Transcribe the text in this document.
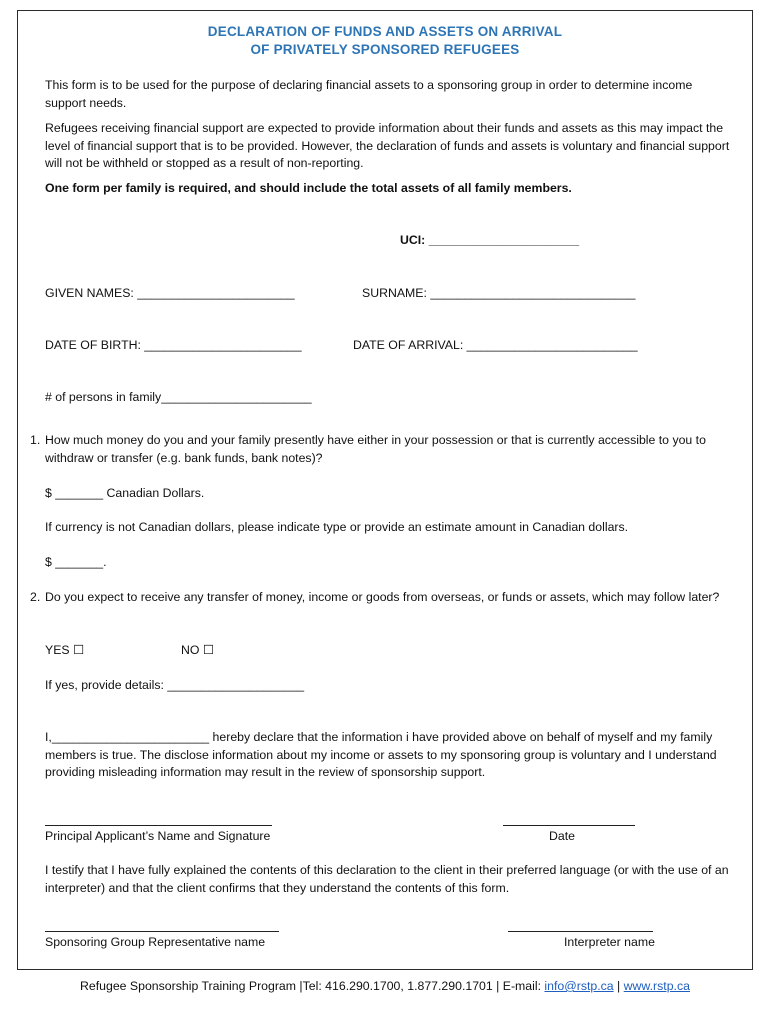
DECLARATION OF FUNDS AND ASSETS ON ARRIVAL
OF PRIVATELY SPONSORED REFUGEES

This form is to be used for the purpose of declaring financial assets to a sponsoring group in order to determine income support needs.

Refugees receiving financial support are expected to provide information about their funds and assets as this may impact the level of financial support that is to be provided. However, the declaration of funds and assets is voluntary and financial support will not be withheld or stopped as a result of non-reporting.

One form per family is required, and should include the total assets of all family members.

UCI: ______________________
GIVEN NAMES: _______________________	SURNAME: ______________________________
DATE OF BIRTH: _______________________	DATE OF ARRIVAL: _________________________
# of persons in family______________________
1. How much money do you and your family presently have either in your possession or that is currently accessible to you to withdraw or transfer (e.g. bank funds, bank notes)?

$ _______ Canadian Dollars.

If currency is not Canadian dollars, please indicate type or provide an estimate amount in Canadian dollars.

$ _______.
2. Do you expect to receive any transfer of money, income or goods from overseas, or funds or assets, which may follow later?

YES ☐	NO ☐
If yes, provide details: ____________________

I,_______________________ hereby declare that the information i have provided above on behalf of myself and my family members is true. The disclose information about my income or assets to my sponsoring group is voluntary and I understand providing misleading information may result in the review of sponsorship support.

Principal Applicant’s Name and Signature	Date

I testify that I have fully explained the contents of this declaration to the client in their preferred language (or with the use of an interpreter) and that the client confirms that they understand the contents of this form.

Sponsoring Group Representative name	Interpreter name
Refugee Sponsorship Training Program |Tel: 416.290.1700, 1.877.290.1701 | E-mail: info@rstp.ca | www.rstp.ca
